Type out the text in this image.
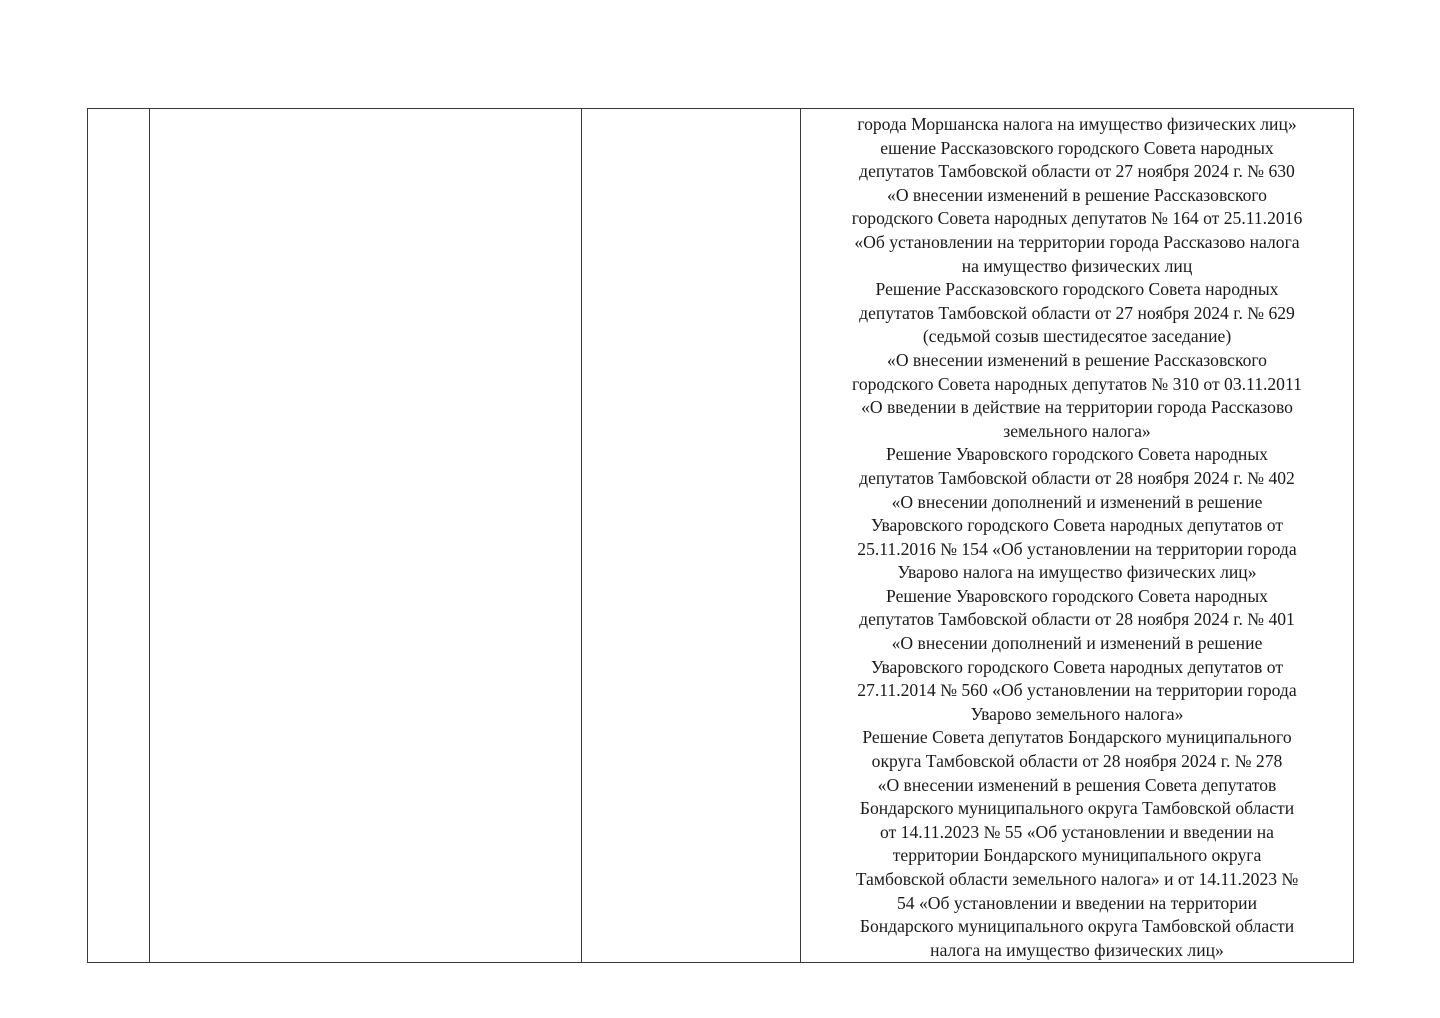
города Моршанска налога на имущество физических лиц»
ешение Рассказовского городского Совета народных
депутатов Тамбовской области от 27 ноября 2024 г. № 630
«О внесении изменений в решение Рассказовского
городского Совета народных депутатов № 164 от 25.11.2016
«Об установлении на территории города Рассказово налога
на имущество физических лиц
Решение Рассказовского городского Совета народных
депутатов Тамбовской области от 27 ноября 2024 г. № 629
(седьмой созыв шестидесятое заседание)
«О внесении изменений в решение Рассказовского
городского Совета народных депутатов № 310 от 03.11.2011
«О введении в действие на территории города Рассказово
земельного налога»
Решение Уваровского городского Совета народных
депутатов Тамбовской области от 28 ноября 2024 г. № 402
«О внесении дополнений и изменений в решение
Уваровского городского Совета народных депутатов от
25.11.2016 № 154 «Об установлении на территории города
Уварово налога на имущество физических лиц»
Решение Уваровского городского Совета народных
депутатов Тамбовской области от 28 ноября 2024 г. № 401
«О внесении дополнений и изменений в решение
Уваровского городского Совета народных депутатов от
27.11.2014 № 560 «Об установлении на территории города
Уварово земельного налога»
Решение Совета депутатов Бондарского муниципального
округа Тамбовской области от 28 ноября 2024 г. № 278
«О внесении изменений в решения Совета депутатов
Бондарского муниципального округа Тамбовской области
от 14.11.2023 № 55 «Об установлении и введении на
территории Бондарского муниципального округа
Тамбовской области земельного налога» и от 14.11.2023 №
54 «Об установлении и введении на территории
Бондарского муниципального округа Тамбовской области
налога на имущество физических лиц»
